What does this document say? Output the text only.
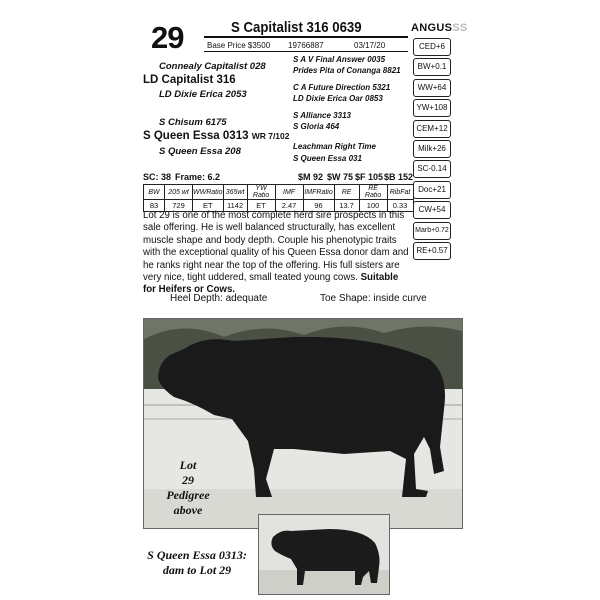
29	S Capitalist 316 0639
Base Price $3500 19766887	03/17/20
ANGUSSS
Connealy Capitalist 028
LD Capitalist 316
LD Dixie Erica 2053
S Chisum 6175
S Queen Essa 0313 WR 7/102
S Queen Essa 208
S A V Final Answer 0035
Prides Pita of Conanga 8821
C A Future Direction 5321
LD Dixie Erica Oar 0853
S Alliance 3313
S Gloria 464
Leachman Right Time
S Queen Essa 031
CED+6
BW+0.1
WW+64
YW+108
CEM+12
Milk+26
SC-0.14
Doc+21
CW+54
Marb+0.72
RE+0.57
SC: 38 Frame: 6.2	$M 92 $W 75 $F 105 $B 152
BW	205 wt	WWRatio	365wt	YW Ratio	IMF	IMFRatio	RE	RE Ratio	RibFat
83	729	ET	1142	ET	2.47	96	13.7	100	0.33
Lot 29 is one of the most complete herd sire prospects in this sale offering. He is well balanced structurally, has excellent muscle shape and body depth. Couple his phenotypic traits with the exceptional quality of his Queen Essa donor dam and he ranks right near the top of the offering. His full sisters are very nice, tight uddered, small teated young cows. Suitable for Heifers or Cows.
Heel Depth: adequate	Toe Shape: inside curve
Lot
29
Pedigree
above
S Queen Essa 0313:
dam to Lot 29
